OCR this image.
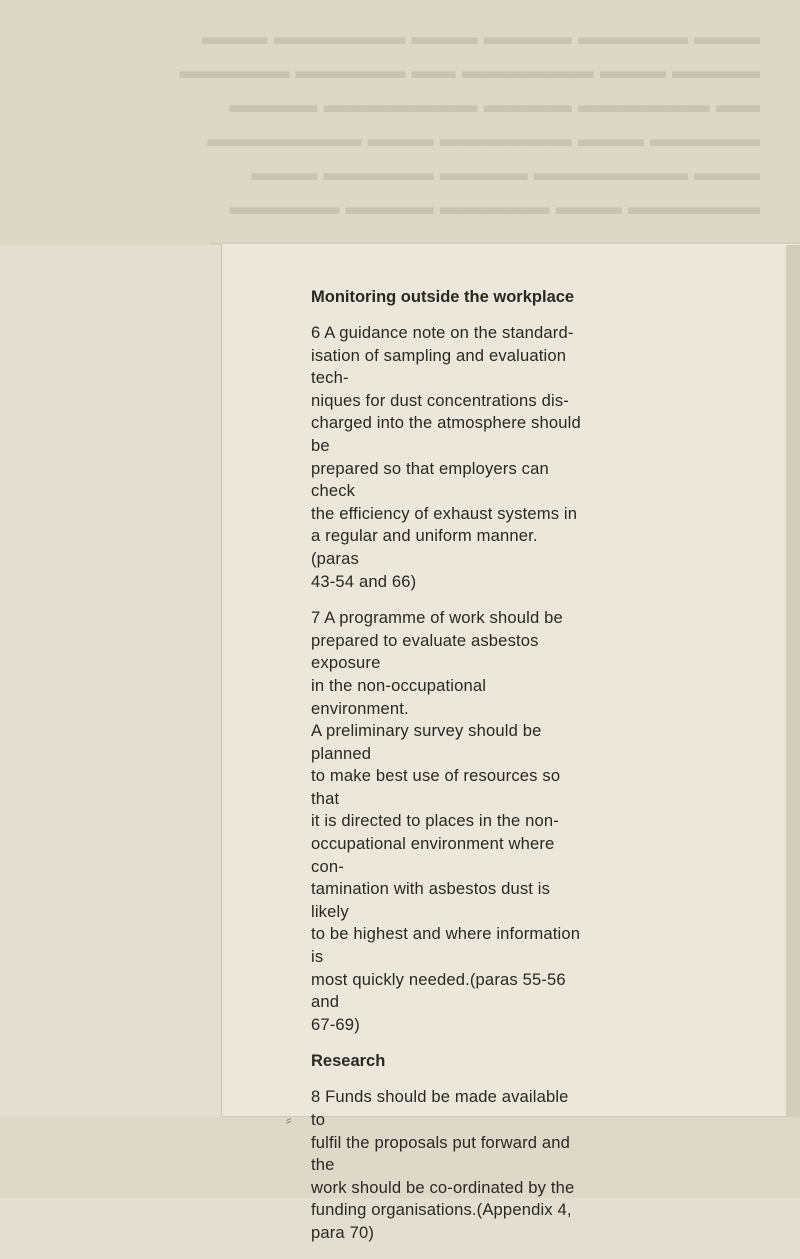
▬▬▬ ▬▬▬▬▬ ▬▬▬▬ ▬▬▬ ▬▬▬▬▬▬ ▬▬▬
▬▬▬▬ ▬▬▬ ▬▬▬▬▬▬ ▬▬ ▬▬▬▬▬ ▬▬▬▬▬
▬▬ ▬▬▬▬▬▬ ▬▬▬▬ ▬▬▬▬▬▬▬ ▬▬▬▬
▬▬▬▬▬ ▬▬▬ ▬▬▬▬▬▬ ▬▬▬ ▬▬▬▬▬▬▬
▬▬▬ ▬▬▬▬▬▬▬ ▬▬▬▬ ▬▬▬▬▬ ▬▬▬
▬▬▬▬▬▬ ▬▬▬ ▬▬▬▬▬ ▬▬▬▬ ▬▬▬▬▬
⸗
Monitoring outside the workplace
6 A guidance note on the standard-
isation of sampling and evaluation tech-
niques for dust concentrations dis-
charged into the atmosphere should be
prepared so that employers can check
the efficiency of exhaust systems in
a regular and uniform manner.(paras
43-54 and 66)
7 A programme of work should be
prepared to evaluate asbestos exposure
in the non-occupational environment.
A preliminary survey should be planned
to make best use of resources so that
it is directed to places in the non-
occupational environment where con-
tamination with asbestos dust is likely
to be highest and where information is
most quickly needed.(paras 55-56 and
67-69)
Research
8 Funds should be made available to
fulfil the proposals put forward and the
work should be co-ordinated by the
funding organisations.(Appendix 4,
para 70)
